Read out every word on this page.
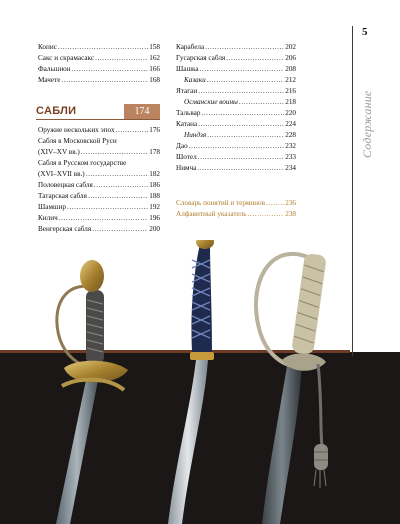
5
Содержание
Копис .....	158
Сакс и скрамасакс .....	162
Фальшион .....	166
Мачете .....	168
САБЛИ	174
Оружие нескольких эпох .....	176
Сабля в Московской Руси
(XIV–XV вв.) .....	178
Сабля в Русском государстве
(XVI–XVII вв.) .....	182
Половецкая сабля .....	186
Татарская сабля .....	188
Шамшир .....	192
Килич .....	196
Венгерская сабля .....	200
Карабела .....	202
Гусарская сабля .....	206
Шашка .....	208
Казаки .....	212
Ятаган .....	216
Османские воины .....	218
Тальвар .....	220
Катана .....	224
Ниндзя .....	228
Дао .....	232
Шотел .....	233
Нимча .....	234
Словарь понятий и терминов .....	236
Алфавитный указатель .....	238
